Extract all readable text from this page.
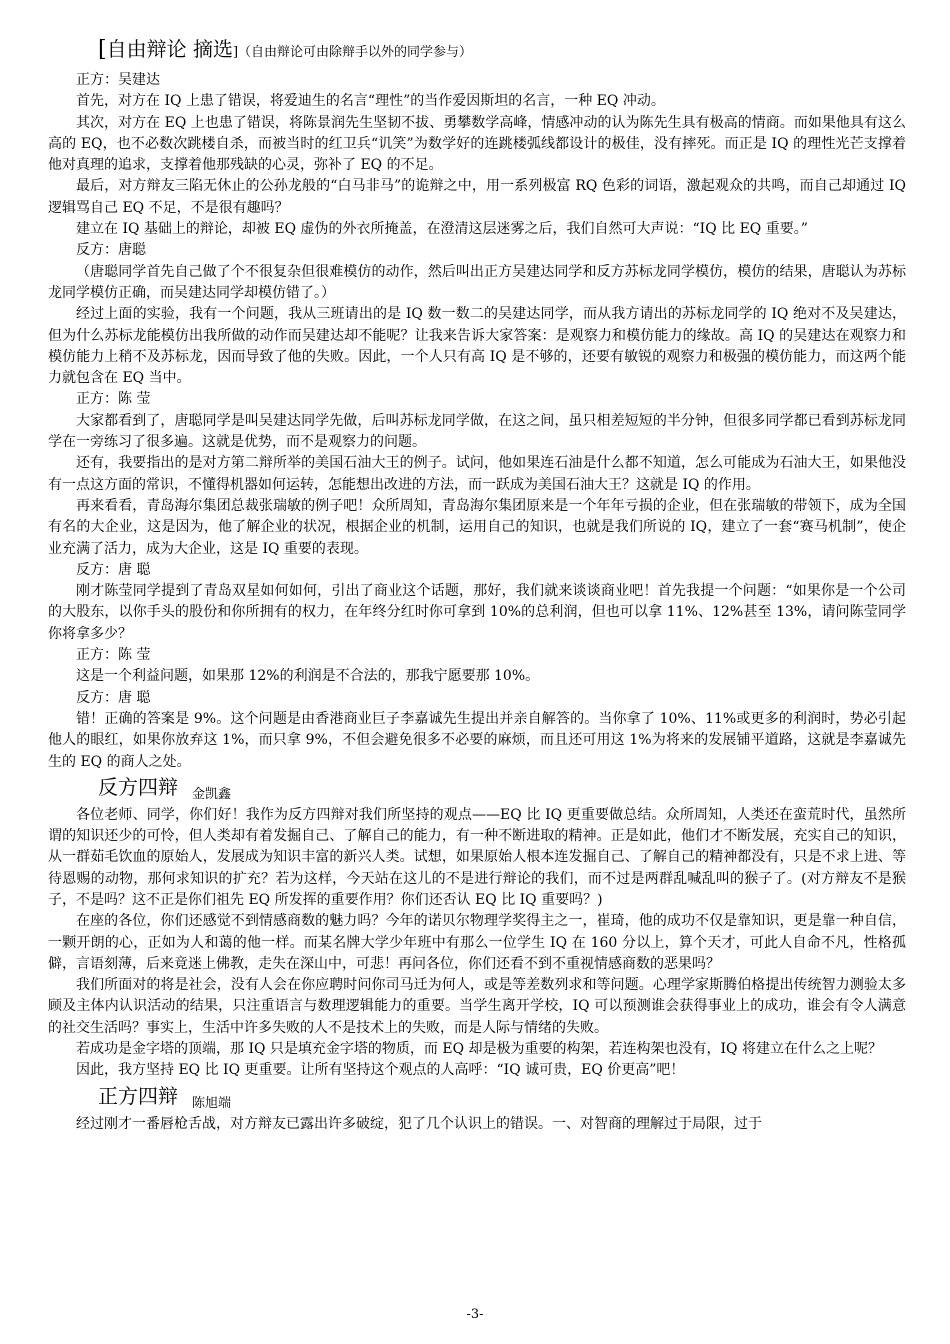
[自由辩论 摘选]（自由辩论可由除辩手以外的同学参与）

正方：吴建达

首先，对方在 IQ 上患了错误，将爱迪生的名言“理性”的当作爱因斯坦的名言，一种 EQ 冲动。

其次，对方在 EQ 上也患了错误，将陈景润先生坚韧不拔、勇攀数学高峰，情感冲动的认为陈先生具有极高的情商。而如果他具有这么高的 EQ，也不必数次跳楼自杀，而被当时的红卫兵“讥笑”为数学好的连跳楼弧线都设计的极佳，没有摔死。而正是 IQ 的理性光芒支撑着他对真理的追求，支撑着他那残缺的心灵，弥补了 EQ 的不足。

最后，对方辩友三陷无休止的公孙龙般的“白马非马”的诡辩之中，用一系列极富 RQ 色彩的词语，激起观众的共鸣，而自己却通过 IQ 逻辑骂自己 EQ 不足，不是很有趣吗？

建立在 IQ 基础上的辩论，却被 EQ 虚伪的外衣所掩盖，在澄清这层迷雾之后，我们自然可大声说：“IQ 比 EQ 重要。”

反方：唐聪

（唐聪同学首先自己做了个不很复杂但很难模仿的动作，然后叫出正方吴建达同学和反方苏标龙同学模仿，模仿的结果，唐聪认为苏标龙同学模仿正确，而吴建达同学却模仿错了。）

经过上面的实验，我有一个问题，我从三班请出的是 IQ 数一数二的吴建达同学，而从我方请出的苏标龙同学的 IQ 绝对不及吴建达，但为什么苏标龙能模仿出我所做的动作而吴建达却不能呢？让我来告诉大家答案：是观察力和模仿能力的缘故。高 IQ 的吴建达在观察力和模仿能力上稍不及苏标龙，因而导致了他的失败。因此，一个人只有高 IQ 是不够的，还要有敏锐的观察力和极强的模仿能力，而这两个能力就包含在 EQ 当中。

正方：陈 莹

大家都看到了，唐聪同学是叫吴建达同学先做，后叫苏标龙同学做，在这之间，虽只相差短短的半分钟，但很多同学都已看到苏标龙同学在一旁练习了很多遍。这就是优势，而不是观察力的问题。

还有，我要指出的是对方第二辩所举的美国石油大王的例子。试问，他如果连石油是什么都不知道，怎么可能成为石油大王，如果他没有一点这方面的常识，不懂得机器如何运转，怎能想出改进的方法，而一跃成为美国石油大王？这就是 IQ 的作用。

再来看看，青岛海尔集团总裁张瑞敏的例子吧！众所周知，青岛海尔集团原来是一个年年亏损的企业，但在张瑞敏的带领下，成为全国有名的大企业，这是因为，他了解企业的状况，根据企业的机制，运用自己的知识，也就是我们所说的 IQ，建立了一套“赛马机制”，使企业充满了活力，成为大企业，这是 IQ 重要的表现。

反方：唐 聪

刚才陈莹同学提到了青岛双星如何如何，引出了商业这个话题，那好，我们就来谈谈商业吧！首先我提一个问题：“如果你是一个公司的大股东，以你手头的股份和你所拥有的权力，在年终分红时你可拿到 10%的总利润，但也可以拿 11%、12%甚至 13%，请问陈莹同学你将拿多少？

正方：陈 莹

这是一个利益问题，如果那 12%的利润是不合法的，那我宁愿要那 10%。

反方：唐 聪

错！正确的答案是 9%。这个问题是由香港商业巨子李嘉诚先生提出并亲自解答的。当你拿了 10%、11%或更多的利润时，势必引起他人的眼红，如果你放弃这 1%，而只拿 9%，不但会避免很多不必要的麻烦，而且还可用这 1%为将来的发展铺平道路，这就是李嘉诚先生的 EQ 的商人之处。

反方四辩 $_{金凯鑫}$

各位老师、同学，你们好！我作为反方四辩对我们所坚持的观点——EQ 比 IQ 更重要做总结。众所周知，人类还在蛮荒时代，虽然所谓的知识还少的可怜，但人类却有着发掘自己、了解自己的能力，有一种不断进取的精神。正是如此，他们才不断发展，充实自己的知识，从一群茹毛饮血的原始人，发展成为知识丰富的新兴人类。试想，如果原始人根本连发掘自己、了解自己的精神都没有，只是不求上进、等待恩赐的动物，那何求知识的扩充？若为这样，今天站在这儿的不是进行辩论的我们，而不过是两群乱喊乱叫的猴子了。(对方辩友不是猴子，不是吗？这不正是你们祖先 EQ 所发挥的重要作用？你们还否认 EQ 比 IQ 重要吗？)

在座的各位，你们还感觉不到情感商数的魅力吗？今年的诺贝尔物理学奖得主之一，崔琦，他的成功不仅是靠知识，更是靠一种自信，一颗开朗的心，正如为人和蔼的他一样。而某名牌大学少年班中有那么一位学生 IQ 在 160 分以上，算个天才，可此人自命不凡，性格孤僻，言语刻薄，后来竟迷上佛教，走失在深山中，可悲！再问各位，你们还看不到不重视情感商数的恶果吗？

我们所面对的将是社会，没有人会在你应聘时问你司马迁为何人，或是等差数列求和等问题。心理学家斯腾伯格提出传统智力测验太多顾及主体内认识活动的结果，只注重语言与数理逻辑能力的重要。当学生离开学校，IQ 可以预测谁会获得事业上的成功，谁会有令人满意的社交生活吗？事实上，生活中许多失败的人不是技术上的失败，而是人际与情绪的失败。

若成功是金字塔的顶端，那 IQ 只是填充金字塔的物质，而 EQ 却是极为重要的构架，若连构架也没有，IQ 将建立在什么之上呢？

因此，我方坚持 EQ 比 IQ 更重要。让所有坚持这个观点的人高呼：“IQ 诚可贵，EQ 价更高”吧！

正方四辩 $_{陈旭端}$

经过刚才一番唇枪舌战，对方辩友已露出许多破绽，犯了几个认识上的错误。一、对智商的理解过于局限，过于

-3-
